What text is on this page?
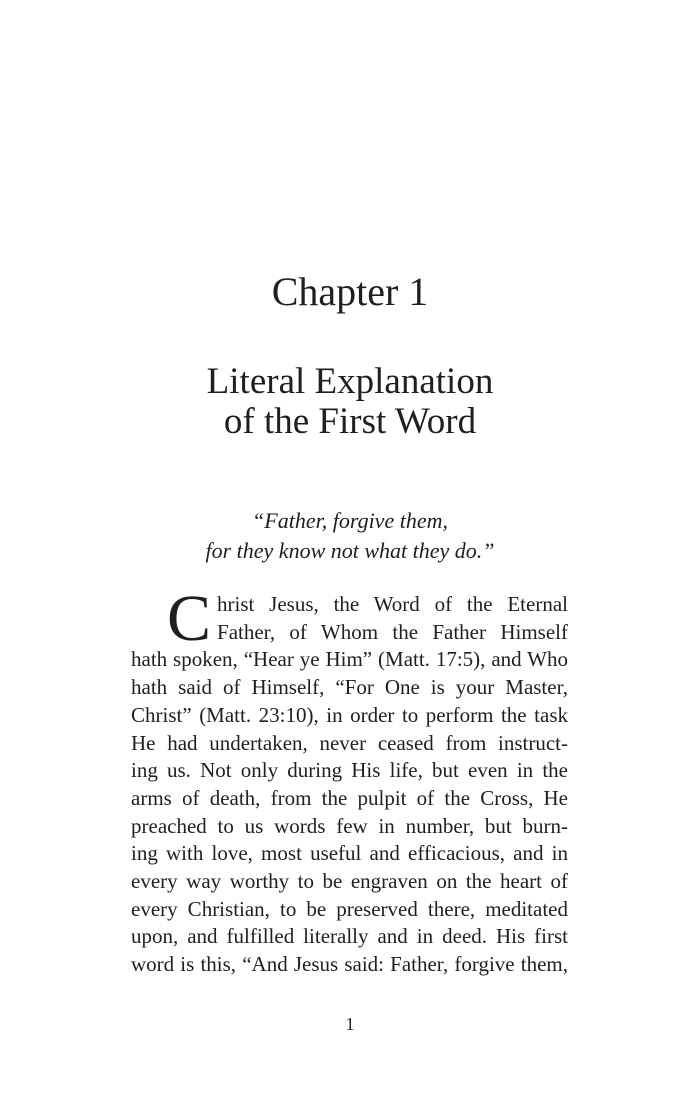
Chapter 1
Literal Explanation
of the First Word
“Father, forgive them,
for they know not what they do.”
C hrist Jesus, the Word of the Eternal
Father, of Whom the Father Himself
hath spoken, “Hear ye Him” (Matt. 17:5), and Who
hath said of Himself, “For One is your Master,
Christ” (Matt. 23:10), in order to perform the task
He had undertaken, never ceased from instruct-
ing us. Not only during His life, but even in the
arms of death, from the pulpit of the Cross, He
preached to us words few in number, but burn-
ing with love, most useful and efficacious, and in
every way worthy to be engraven on the heart of
every Christian, to be preserved there, meditated
upon, and fulfilled literally and in deed. His first
word is this, “And Jesus said: Father, forgive them,
1
